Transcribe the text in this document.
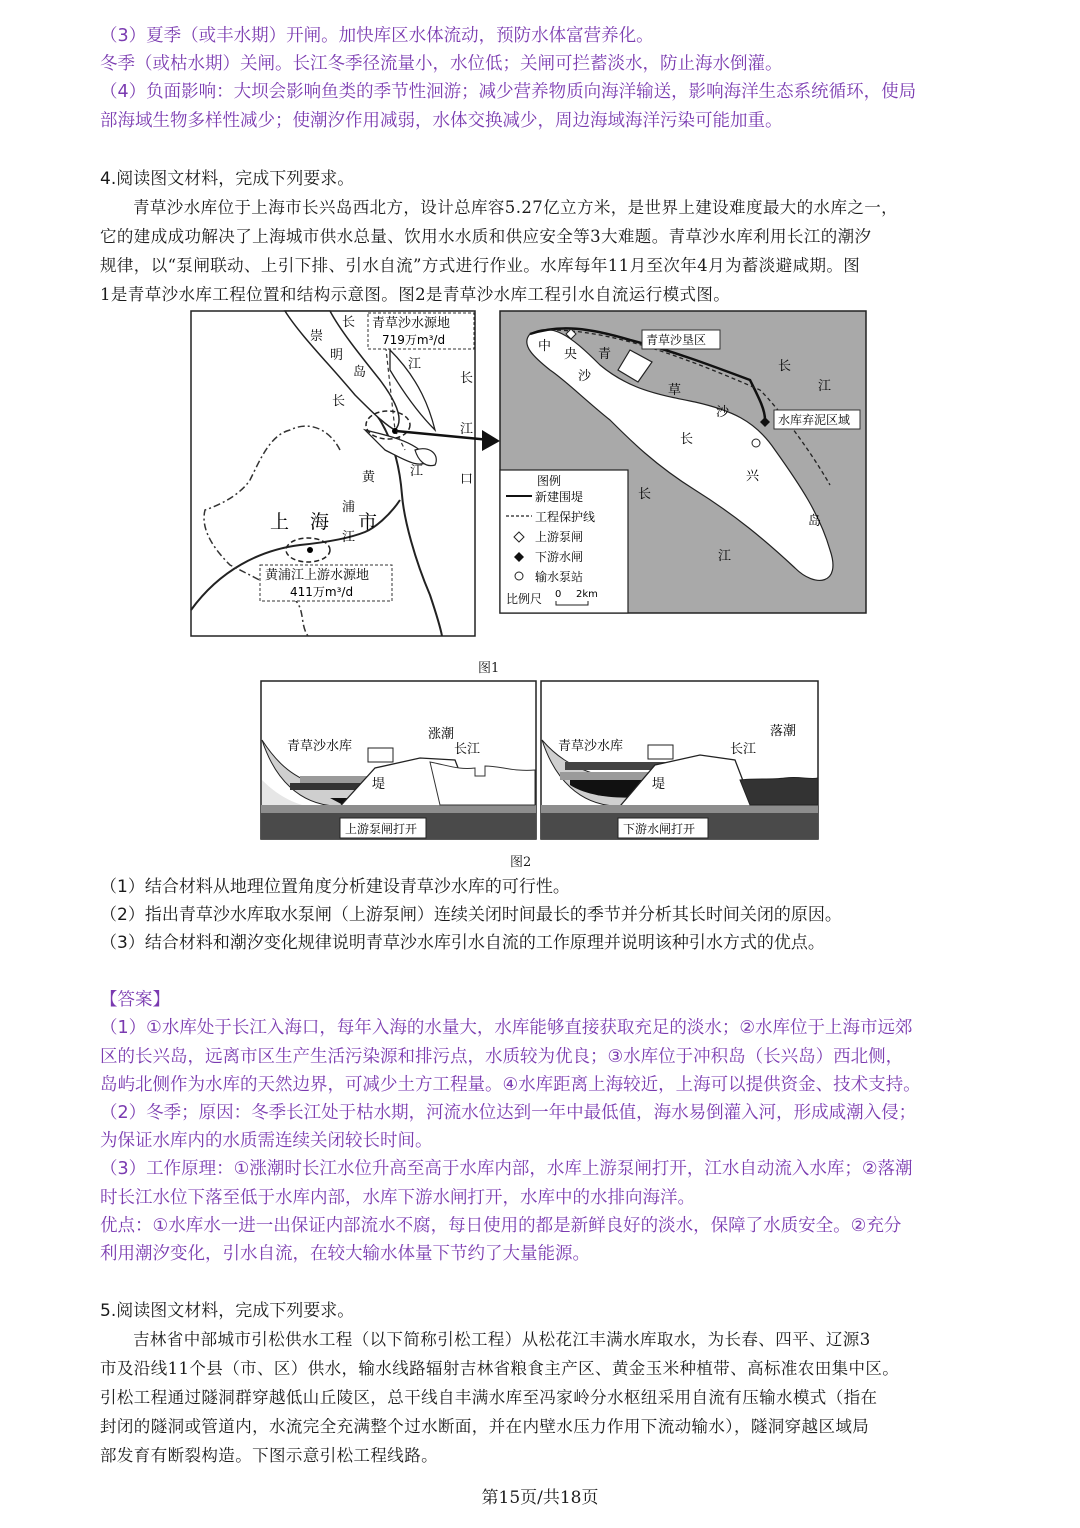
（3）夏季（或丰水期）开闸。加快库区水体流动，预防水体富营养化。
冬季（或枯水期）关闸。长江冬季径流量小，水位低；关闸可拦蓄淡水，防止海水倒灌。
（4）负面影响：大坝会影响鱼类的季节性洄游；减少营养物质向海洋输送，影响海洋生态系统循环，使局
部海域生物多样性减少；使潮汐作用减弱，水体交换减少，周边海域海洋污染可能加重。
4.阅读图文材料，完成下列要求。
青草沙水库位于上海市长兴岛西北方，设计总库容5.27亿立方米，是世界上建设难度最大的水库之一，
它的建成成功解决了上海城市供水总量、饮用水水质和供应安全等3大难题。青草沙水库利用长江的潮汐
规律，以“泵闸联动、上引下排、引水自流”方式进行作业。水库每年11月至次年4月为蓄淡避咸期。图
1是青草沙水库工程位置和结构示意图。图2是青草沙水库工程引水自流运行模式图。
青草沙水源地
719万m³/d
长
江
长
江
口
长
江
崇
明
岛
黄
浦
江
上 海 市
黄浦江上游水源地
411万m³/d
青草沙垦区
中
央
沙
青
草
沙
长
兴
岛
长
江
长
江
水库弃泥区域
图例
新建围堤
工程保护线
上游泵闸
下游水闸
输水泵站
比例尺 0 2km
图1
青草沙水库
涨潮
长江
堤
上游泵闸打开
青草沙水库
落潮
长江
堤
下游水闸打开
图2
（1）结合材料从地理位置角度分析建设青草沙水库的可行性。
（2）指出青草沙水库取水泵闸（上游泵闸）连续关闭时间最长的季节并分析其长时间关闭的原因。
（3）结合材料和潮汐变化规律说明青草沙水库引水自流的工作原理并说明该种引水方式的优点。
【答案】
（1）①水库处于长江入海口，每年入海的水量大，水库能够直接获取充足的淡水；②水库位于上海市远郊
区的长兴岛，远离市区生产生活污染源和排污点，水质较为优良；③水库位于冲积岛（长兴岛）西北侧，
岛屿北侧作为水库的天然边界，可减少土方工程量。④水库距离上海较近，上海可以提供资金、技术支持。
（2）冬季；原因：冬季长江处于枯水期，河流水位达到一年中最低值，海水易倒灌入河，形成咸潮入侵；
为保证水库内的水质需连续关闭较长时间。
（3）工作原理：①涨潮时长江水位升高至高于水库内部，水库上游泵闸打开，江水自动流入水库；②落潮
时长江水位下落至低于水库内部，水库下游水闸打开，水库中的水排向海洋。
优点：①水库水一进一出保证内部流水不腐，每日使用的都是新鲜良好的淡水，保障了水质安全。②充分
利用潮汐变化，引水自流，在较大输水体量下节约了大量能源。
5.阅读图文材料，完成下列要求。
吉林省中部城市引松供水工程（以下简称引松工程）从松花江丰满水库取水，为长春、四平、辽源3
市及沿线11个县（市、区）供水，输水线路辐射吉林省粮食主产区、黄金玉米种植带、高标准农田集中区。
引松工程通过隧洞群穿越低山丘陵区，总干线自丰满水库至冯家岭分水枢纽采用自流有压输水模式（指在
封闭的隧洞或管道内，水流完全充满整个过水断面，并在内壁水压力作用下流动输水），隧洞穿越区域局
部发育有断裂构造。下图示意引松工程线路。
第15页/共18页
